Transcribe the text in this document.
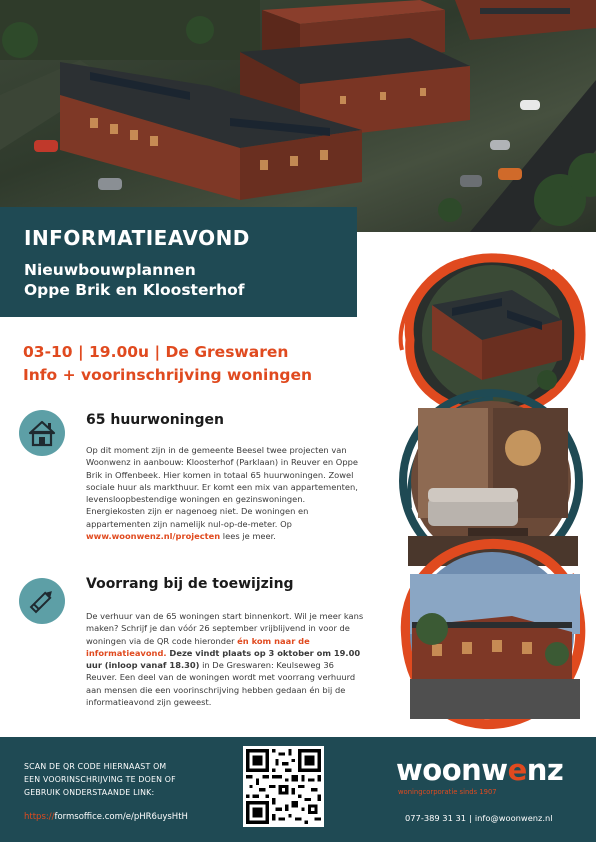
INFORMATIEAVOND
Nieuwbouwplannen
Oppe Brik en Kloosterhof
03-10 | 19.00u | De Greswaren
Info + voorinschrijving woningen
65 huurwoningen
Op dit moment zijn in de gemeente Beesel twee projecten van Woonwenz in aanbouw: Kloosterhof (Parklaan) in Reuver en Oppe Brik in Offenbeek. Hier komen in totaal 65 huurwoningen. Zowel sociale huur als markthuur. Er komt een mix van appartementen, levensloopbestendige woningen en gezinswoningen. Energiekosten zijn er nagenoeg niet. De woningen en appartementen zijn namelijk nul-op-de-meter. Op www.woonwenz.nl/projecten lees je meer.
Voorrang bij de toewijzing
De verhuur van de 65 woningen start binnenkort. Wil je meer kans maken? Schrijf je dan vóór 26 september vrijblijvend in voor de woningen via de QR code hieronder én kom naar de informatieavond. Deze vindt plaats op 3 oktober om 19.00 uur (inloop vanaf 18.30) in De Greswaren: Keulseweg 36 Reuver. Een deel van de woningen wordt met voorrang verhuurd aan mensen die een voorinschrijving hebben gedaan én bij de informatieavond zijn geweest.
SCAN DE QR CODE HIERNAAST OM
EEN VOORINSCHRIJVING TE DOEN OF
GEBRUIK ONDERSTAANDE LINK:
https://formsoffice.com/e/pHR6uysHtH
woonwenz
woningcorporatie sinds 1907
077-389 31 31 | info@woonwenz.nl
